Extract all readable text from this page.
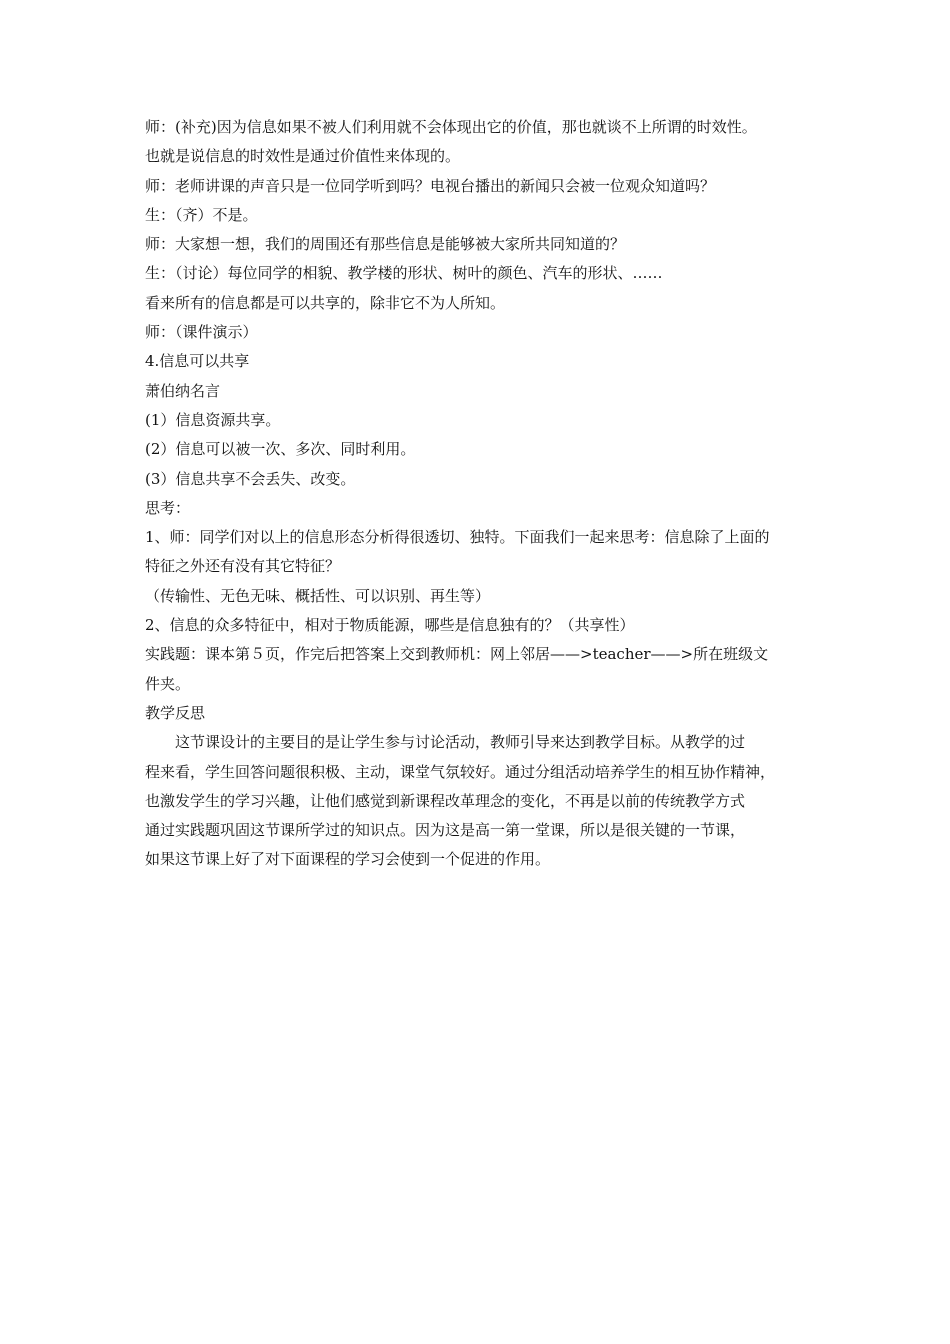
师：(补充)因为信息如果不被人们利用就不会体现出它的价值，那也就谈不上所谓的时效性。
也就是说信息的时效性是通过价值性来体现的。
师：老师讲课的声音只是一位同学听到吗？电视台播出的新闻只会被一位观众知道吗？
生：（齐）不是。
师：大家想一想，我们的周围还有那些信息是能够被大家所共同知道的？
生：（讨论）每位同学的相貌、教学楼的形状、树叶的颜色、汽车的形状、……
看来所有的信息都是可以共享的，除非它不为人所知。
师：（课件演示）
4.信息可以共享
萧伯纳名言
(1）信息资源共享。
(2）信息可以被一次、多次、同时利用。
(3）信息共享不会丢失、改变。
思考：
1、师：同学们对以上的信息形态分析得很透切、独特。下面我们一起来思考：信息除了上面的
特征之外还有没有其它特征？
（传输性、无色无味、概括性、可以识别、再生等）
2、信息的众多特征中，相对于物质能源，哪些是信息独有的？（共享性）
实践题：课本第５页，作完后把答案上交到教师机：网上邻居——>teacher——>所在班级文
件夹。
教学反思
这节课设计的主要目的是让学生参与讨论活动，教师引导来达到教学目标。从教学的过
程来看，学生回答问题很积极、主动，课堂气氛较好。通过分组活动培养学生的相互协作精神，
也激发学生的学习兴趣，让他们感觉到新课程改革理念的变化，不再是以前的传统教学方式
通过实践题巩固这节课所学过的知识点。因为这是高一第一堂课，所以是很关键的一节课，
如果这节课上好了对下面课程的学习会使到一个促进的作用。
